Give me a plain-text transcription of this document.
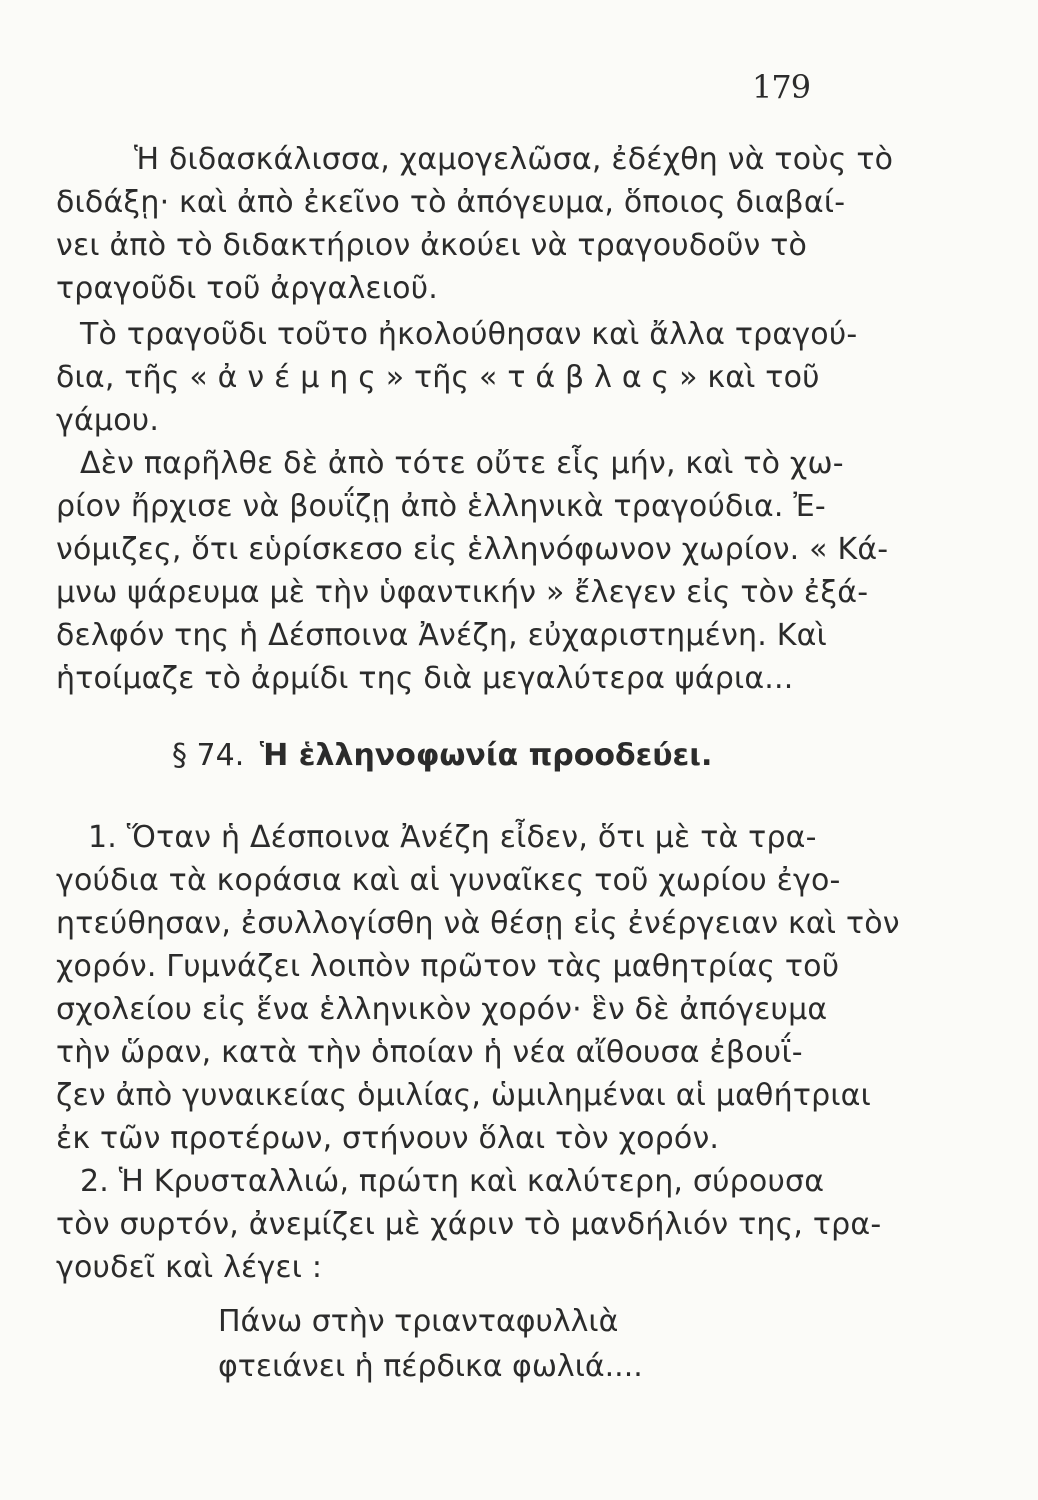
179
Ἡ διδασκάλισσα, χαμογελῶσα, ἐδέχθη νὰ τοὺς τὸ
διδάξῃ· καὶ ἀπὸ ἐκεῖνο τὸ ἀπόγευμα, ὅποιος διαβαί-
νει ἀπὸ τὸ διδακτήριον ἀκούει νὰ τραγουδοῦν τὸ
τραγοῦδι τοῦ ἀργαλειοῦ.
Τὸ τραγοῦδι τοῦτο ἠκολούθησαν καὶ ἄλλα τραγού-
δια, τῆς « ἀ ν έ μ η ς » τῆς « τ ά β λ α ς » καὶ τοῦ
γάμου.
Δὲν παρῆλθε δὲ ἀπὸ τότε οὔτε εἷς μήν, καὶ τὸ χω-
ρίον ἤρχισε νὰ βουΐζῃ ἀπὸ ἑλληνικὰ τραγούδια. Ἐ-
νόμιζες, ὅτι εὑρίσκεσο εἰς ἑλληνόφωνον χωρίον. « Κά-
μνω ψάρευμα μὲ τὴν ὑφαντικήν » ἔλεγεν εἰς τὸν ἐξά-
δελφόν της ἡ Δέσποινα Ἀνέζη, εὐχαριστημένη. Καὶ
ἡτοίμαζε τὸ ἀρμίδι της διὰ μεγαλύτερα ψάρια...
§ 74. Ἡ ἑλληνοφωνία προοδεύει.
1. Ὅταν ἡ Δέσποινα Ἀνέζη εἶδεν, ὅτι μὲ τὰ τρα-
γούδια τὰ κοράσια καὶ αἱ γυναῖκες τοῦ χωρίου ἐγο-
ητεύθησαν, ἐσυλλογίσθη νὰ θέσῃ εἰς ἐνέργειαν καὶ τὸν
χορόν. Γυμνάζει λοιπὸν πρῶτον τὰς μαθητρίας τοῦ
σχολείου εἰς ἕνα ἑλληνικὸν χορόν· ἓν δὲ ἀπόγευμα
τὴν ὥραν, κατὰ τὴν ὁποίαν ἡ νέα αἴθουσα ἐβουΐ-
ζεν ἀπὸ γυναικείας ὁμιλίας, ὡμιλημέναι αἱ μαθήτριαι
ἐκ τῶν προτέρων, στήνουν ὅλαι τὸν χορόν.
2. Ἡ Κρυσταλλιώ, πρώτη καὶ καλύτερη, σύρουσα
τὸν συρτόν, ἀνεμίζει μὲ χάριν τὸ μανδήλιόν της, τρα-
γουδεῖ καὶ λέγει :
Πάνω στὴν τριανταφυλλιὰ
φτειάνει ἡ πέρδικα φωλιά....
